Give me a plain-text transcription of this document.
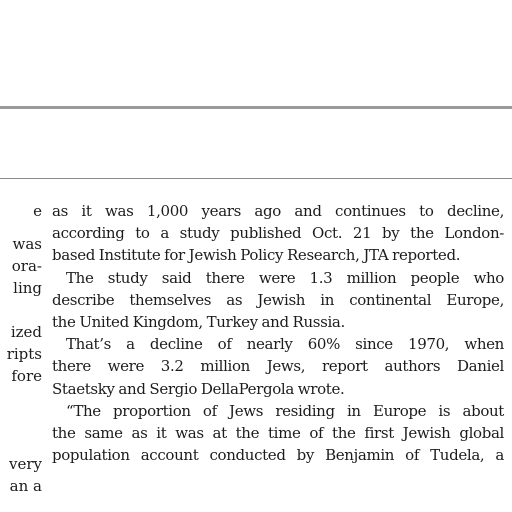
e
was
ora-
ling
ized
ripts
fore
very
an a
as it was 1,000 years ago and continues to decline,
according to a study published Oct. 21 by the London-
based Institute for Jewish Policy Research, JTA reported.
The study said there were 1.3 million people who
describe themselves as Jewish in continental Europe,
the United Kingdom, Turkey and Russia.
That’s a decline of nearly 60% since 1970, when
there were 3.2 million Jews, report authors Daniel
Staetsky and Sergio DellaPergola wrote.
“The proportion of Jews residing in Europe is about
the same as it was at the time of the first Jewish global
population account conducted by Benjamin of Tudela, a
